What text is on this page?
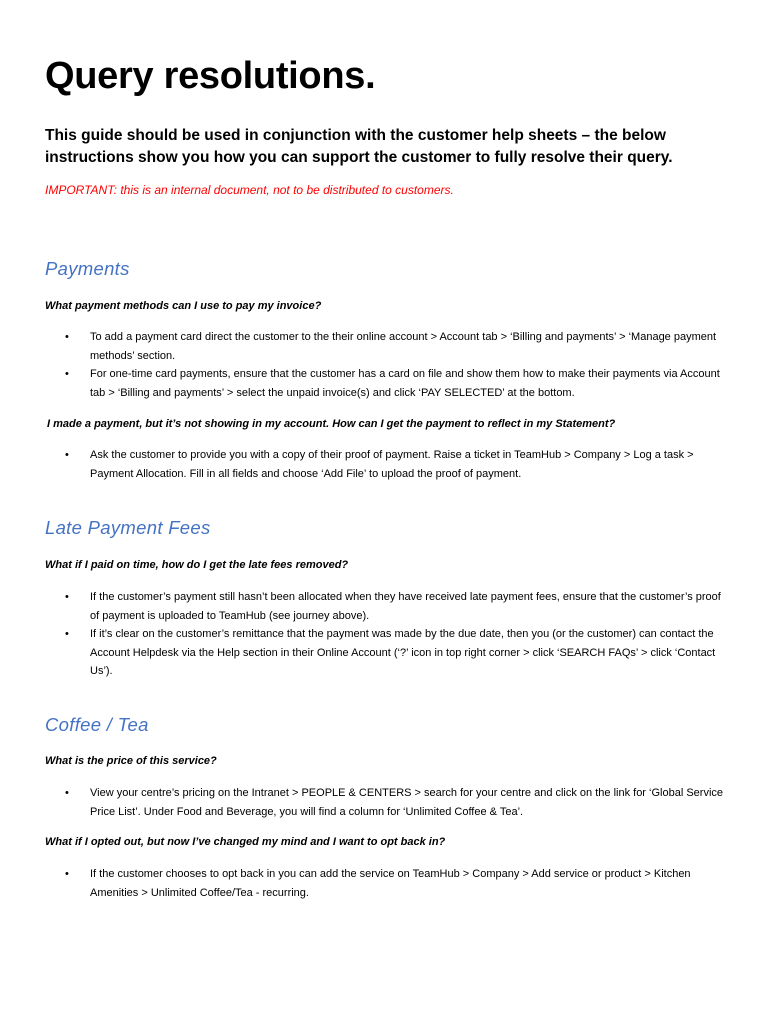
Query resolutions.

This guide should be used in conjunction with the customer help sheets – the below instructions show you how you can support the customer to fully resolve their query.

IMPORTANT: this is an internal document, not to be distributed to customers.
Payments

What payment methods can I use to pay my invoice?

• To add a payment card direct the customer to the their online account > Account tab > ‘Billing and payments’ > ‘Manage payment methods’ section.
• For one-time card payments, ensure that the customer has a card on file and show them how to make their payments via Account tab > ‘Billing and payments’ > select the unpaid invoice(s) and click ‘PAY SELECTED’ at the bottom.

I made a payment, but it’s not showing in my account. How can I get the payment to reflect in my Statement?

• Ask the customer to provide you with a copy of their proof of payment. Raise a ticket in TeamHub > Company > Log a task > Payment Allocation. Fill in all fields and choose ‘Add File’ to upload the proof of payment.
Late Payment Fees

What if I paid on time, how do I get the late fees removed?

• If the customer’s payment still hasn’t been allocated when they have received late payment fees, ensure that the customer’s proof of payment is uploaded to TeamHub (see journey above).
• If it’s clear on the customer’s remittance that the payment was made by the due date, then you (or the customer) can contact the Account Helpdesk via the Help section in their Online Account (‘?’ icon in top right corner > click ‘SEARCH FAQs’ > click ‘Contact Us’).
Coffee / Tea

What is the price of this service?

• View your centre’s pricing on the Intranet > PEOPLE & CENTERS > search for your centre and click on the link for ‘Global Service Price List’. Under Food and Beverage, you will find a column for ‘Unlimited Coffee & Tea’.

What if I opted out, but now I’ve changed my mind and I want to opt back in?

• If the customer chooses to opt back in you can add the service on TeamHub > Company > Add service or product > Kitchen Amenities > Unlimited Coffee/Tea - recurring.
